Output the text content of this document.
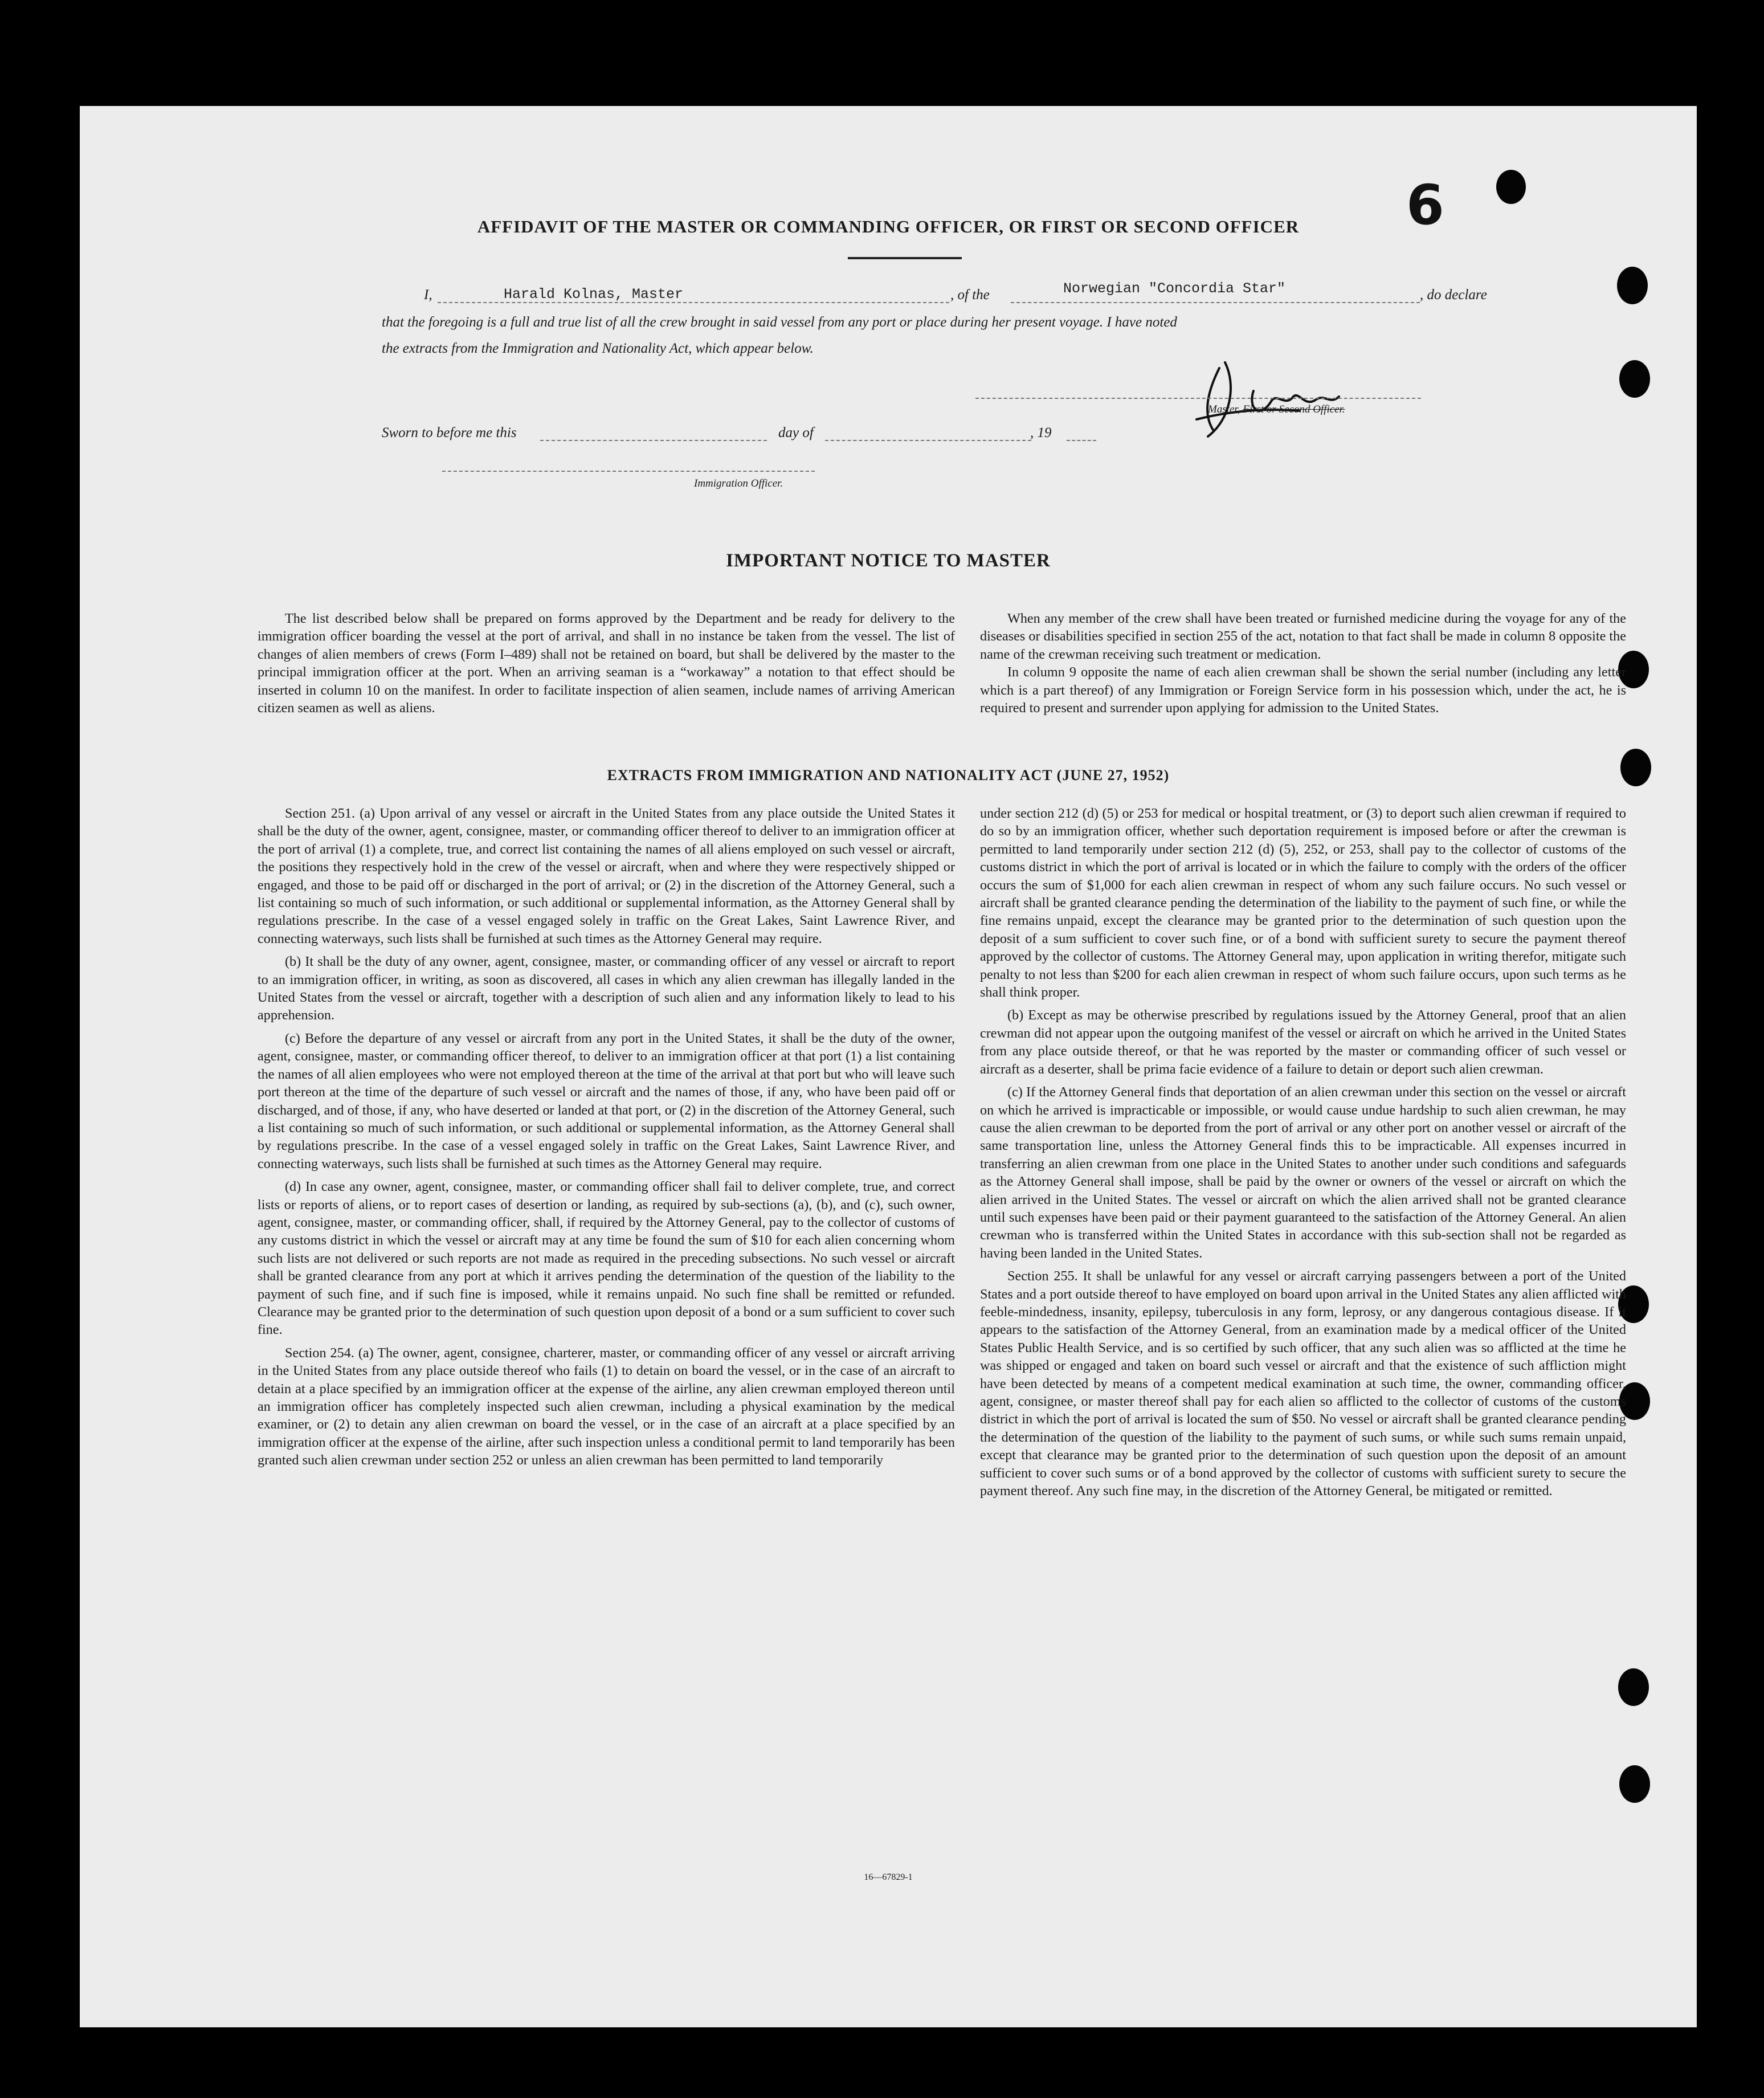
6
AFFIDAVIT OF THE MASTER OR COMMANDING OFFICER, OR FIRST OR SECOND OFFICER
I,	Harald Kolnas, Master	, of the	Norwegian "Concordia Star"	, do declare
that the foregoing is a full and true list of all the crew brought in said vessel from any port or place during her present voyage. I have noted
the extracts from the Immigration and Nationality Act, which appear below.
Master, First or Second Officer.
Sworn to before me this	day of	, 19
Immigration Officer.
IMPORTANT NOTICE TO MASTER

The list described below shall be prepared on forms approved by the Department and be ready for delivery to the immigration officer boarding the vessel at the port of arrival, and shall in no instance be taken from the vessel. The list of changes of alien members of crews (Form I–489) shall not be retained on board, but shall be delivered by the master to the principal immigration officer at the port. When an arriving seaman is a “workaway” a notation to that effect should be inserted in column 10 on the manifest. In order to facilitate inspection of alien seamen, include names of arriving American citizen seamen as well as aliens.

When any member of the crew shall have been treated or furnished medicine during the voyage for any of the diseases or disabilities specified in section 255 of the act, notation to that fact shall be made in column 8 opposite the name of the crewman receiving such treatment or medication.

In column 9 opposite the name of each alien crewman shall be shown the serial number (including any letter which is a part thereof) of any Immigration or Foreign Service form in his possession which, under the act, he is required to present and surrender upon applying for admission to the United States.

EXTRACTS FROM IMMIGRATION AND NATIONALITY ACT (JUNE 27, 1952)

Section 251. (a) Upon arrival of any vessel or aircraft in the United States from any place outside the United States it shall be the duty of the owner, agent, consignee, master, or commanding officer thereof to deliver to an immigration officer at the port of arrival (1) a complete, true, and correct list containing the names of all aliens employed on such vessel or aircraft, the positions they respectively hold in the crew of the vessel or aircraft, when and where they were respectively shipped or engaged, and those to be paid off or discharged in the port of arrival; or (2) in the discretion of the Attorney General, such a list containing so much of such information, or such additional or supplemental information, as the Attorney General shall by regulations prescribe. In the case of a vessel engaged solely in traffic on the Great Lakes, Saint Lawrence River, and connecting waterways, such lists shall be furnished at such times as the Attorney General may require.

(b) It shall be the duty of any owner, agent, consignee, master, or commanding officer of any vessel or aircraft to report to an immigration officer, in writing, as soon as discovered, all cases in which any alien crewman has illegally landed in the United States from the vessel or aircraft, together with a description of such alien and any information likely to lead to his apprehension.

(c) Before the departure of any vessel or aircraft from any port in the United States, it shall be the duty of the owner, agent, consignee, master, or commanding officer thereof, to deliver to an immigration officer at that port (1) a list containing the names of all alien employees who were not employed thereon at the time of the arrival at that port but who will leave such port thereon at the time of the departure of such vessel or aircraft and the names of those, if any, who have been paid off or discharged, and of those, if any, who have deserted or landed at that port, or (2) in the discretion of the Attorney General, such a list containing so much of such information, or such additional or supplemental information, as the Attorney General shall by regulations prescribe. In the case of a vessel engaged solely in traffic on the Great Lakes, Saint Lawrence River, and connecting waterways, such lists shall be furnished at such times as the Attorney General may require.

(d) In case any owner, agent, consignee, master, or commanding officer shall fail to deliver complete, true, and correct lists or reports of aliens, or to report cases of desertion or landing, as required by sub-sections (a), (b), and (c), such owner, agent, consignee, master, or commanding officer, shall, if required by the Attorney General, pay to the collector of customs of any customs district in which the vessel or aircraft may at any time be found the sum of $10 for each alien concerning whom such lists are not delivered or such reports are not made as required in the preceding subsections. No such vessel or aircraft shall be granted clearance from any port at which it arrives pending the determination of the question of the liability to the payment of such fine, and if such fine is imposed, while it remains unpaid. No such fine shall be remitted or refunded. Clearance may be granted prior to the determination of such question upon deposit of a bond or a sum sufficient to cover such fine.

Section 254. (a) The owner, agent, consignee, charterer, master, or commanding officer of any vessel or aircraft arriving in the United States from any place outside thereof who fails (1) to detain on board the vessel, or in the case of an aircraft to detain at a place specified by an immigration officer at the expense of the airline, any alien crewman employed thereon until an immigration officer has completely inspected such alien crewman, including a physical examination by the medical examiner, or (2) to detain any alien crewman on board the vessel, or in the case of an aircraft at a place specified by an immigration officer at the expense of the airline, after such inspection unless a conditional permit to land temporarily has been granted such alien crewman under section 252 or unless an alien crewman has been permitted to land temporarily

under section 212 (d) (5) or 253 for medical or hospital treatment, or (3) to deport such alien crewman if required to do so by an immigration officer, whether such deportation requirement is imposed before or after the crewman is permitted to land temporarily under section 212 (d) (5), 252, or 253, shall pay to the collector of customs of the customs district in which the port of arrival is located or in which the failure to comply with the orders of the officer occurs the sum of $1,000 for each alien crewman in respect of whom any such failure occurs. No such vessel or aircraft shall be granted clearance pending the determination of the liability to the payment of such fine, or while the fine remains unpaid, except the clearance may be granted prior to the determination of such question upon the deposit of a sum sufficient to cover such fine, or of a bond with sufficient surety to secure the payment thereof approved by the collector of customs. The Attorney General may, upon application in writing therefor, mitigate such penalty to not less than $200 for each alien crewman in respect of whom such failure occurs, upon such terms as he shall think proper.

(b) Except as may be otherwise prescribed by regulations issued by the Attorney General, proof that an alien crewman did not appear upon the outgoing manifest of the vessel or aircraft on which he arrived in the United States from any place outside thereof, or that he was reported by the master or commanding officer of such vessel or aircraft as a deserter, shall be prima facie evidence of a failure to detain or deport such alien crewman.

(c) If the Attorney General finds that deportation of an alien crewman under this section on the vessel or aircraft on which he arrived is impracticable or impossible, or would cause undue hardship to such alien crewman, he may cause the alien crewman to be deported from the port of arrival or any other port on another vessel or aircraft of the same transportation line, unless the Attorney General finds this to be impracticable. All expenses incurred in transferring an alien crewman from one place in the United States to another under such conditions and safeguards as the Attorney General shall impose, shall be paid by the owner or owners of the vessel or aircraft on which the alien arrived in the United States. The vessel or aircraft on which the alien arrived shall not be granted clearance until such expenses have been paid or their payment guaranteed to the satisfaction of the Attorney General. An alien crewman who is transferred within the United States in accordance with this sub-section shall not be regarded as having been landed in the United States.

Section 255. It shall be unlawful for any vessel or aircraft carrying passengers between a port of the United States and a port outside thereof to have employed on board upon arrival in the United States any alien afflicted with feeble-mindedness, insanity, epilepsy, tuberculosis in any form, leprosy, or any dangerous contagious disease. If it appears to the satisfaction of the Attorney General, from an examination made by a medical officer of the United States Public Health Service, and is so certified by such officer, that any such alien was so afflicted at the time he was shipped or engaged and taken on board such vessel or aircraft and that the existence of such affliction might have been detected by means of a competent medical examination at such time, the owner, commanding officer, agent, consignee, or master thereof shall pay for each alien so afflicted to the collector of customs of the customs district in which the port of arrival is located the sum of $50. No vessel or aircraft shall be granted clearance pending the determination of the question of the liability to the payment of such sums, or while such sums remain unpaid, except that clearance may be granted prior to the determination of such question upon the deposit of an amount sufficient to cover such sums or of a bond approved by the collector of customs with sufficient surety to secure the payment thereof. Any such fine may, in the discretion of the Attorney General, be mitigated or remitted.

16—67829-1
